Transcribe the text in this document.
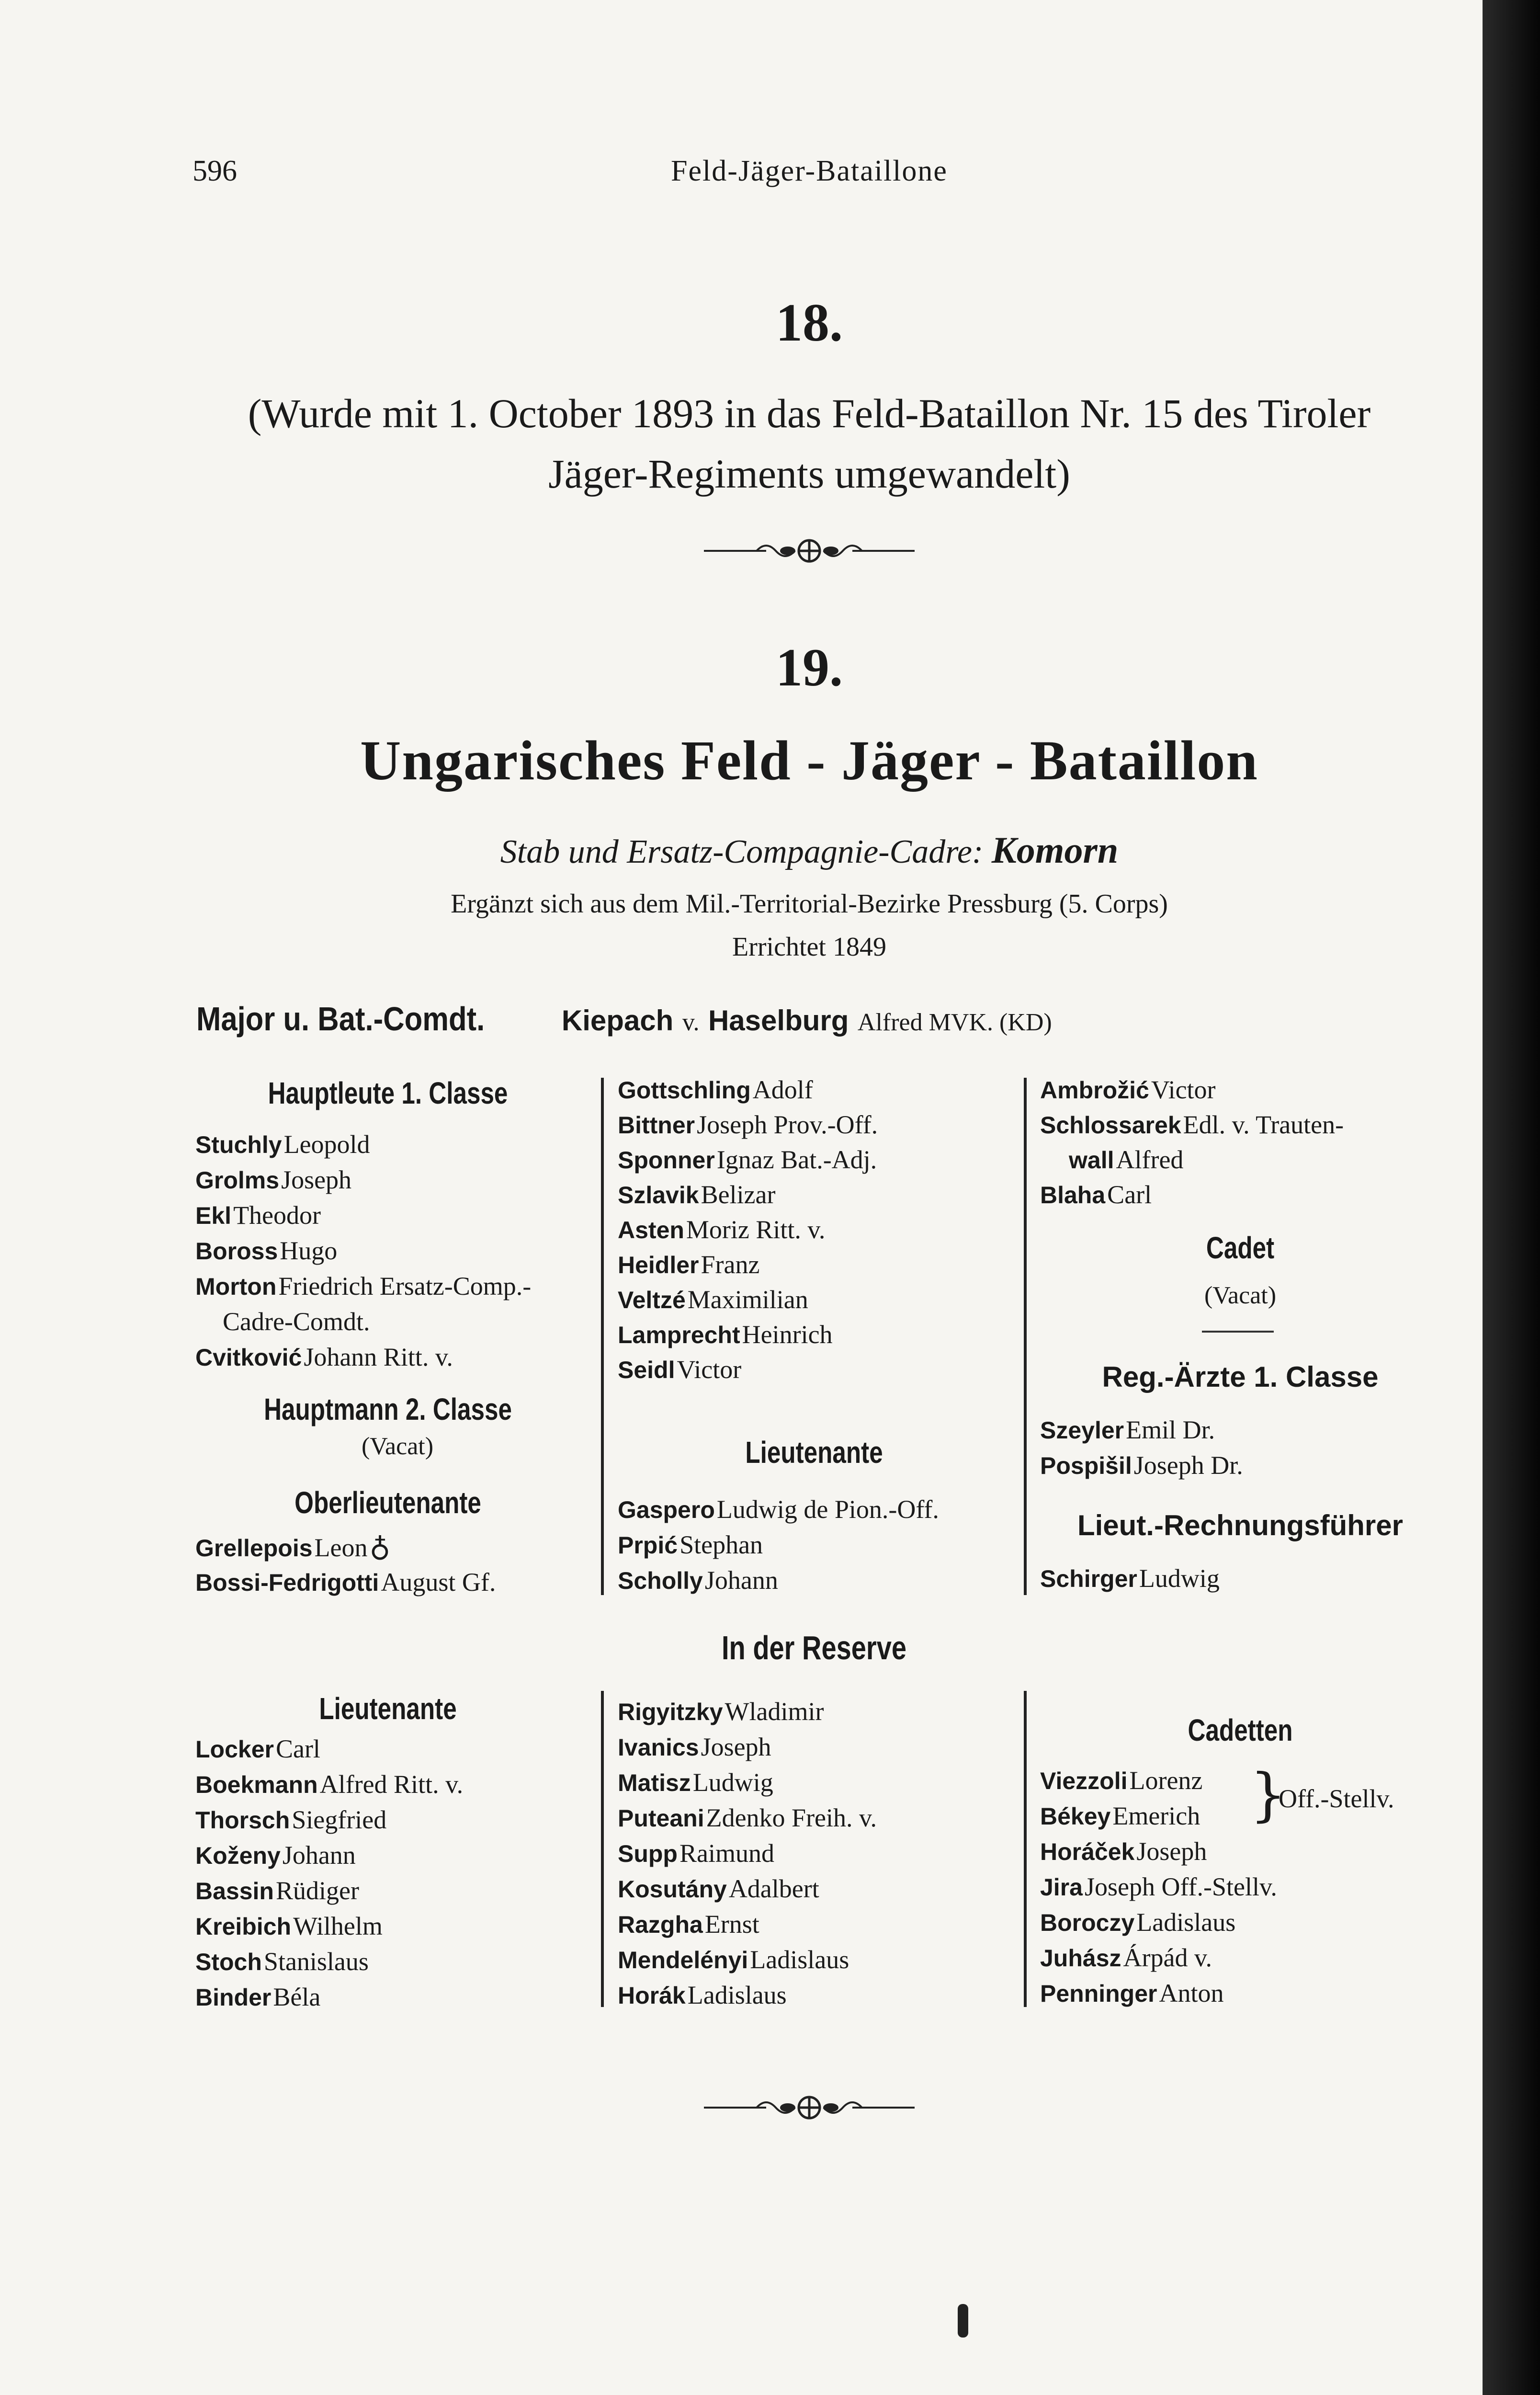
596	Feld-Jäger-Bataillone
18.
(Wurde mit 1. October 1893 in das Feld-Bataillon Nr. 15 des Tiroler
Jäger-Regiments umgewandelt)
19.
Ungarisches Feld - Jäger - Bataillon
Stab und Ersatz-Compagnie-Cadre: Komorn
Ergänzt sich aus dem Mil.-Territorial-Bezirke Pressburg (5. Corps)
Errichtet 1849
Major u. Bat.-Comdt.	Kiepach v. Haselburg Alfred MVK. (KD)
Hauptleute 1. Classe
Stuchly Leopold
Grolms Joseph
Ekl Theodor
Boross Hugo
Morton Friedrich Ersatz-Comp.-
Cadre-Comdt.
Cvitković Johann Ritt. v.
Hauptmann 2. Classe
(Vacat)
Oberlieutenante
Grellepois Leon ♁
Bossi-Fedrigotti August Gf.
Gottschling Adolf
Bittner Joseph Prov.-Off.
Sponner Ignaz Bat.-Adj.
Szlavik Belizar
Asten Moriz Ritt. v.
Heidler Franz
Veltzé Maximilian
Lamprecht Heinrich
Seidl Victor
Lieutenante
Gaspero Ludwig de Pion.-Off.
Prpić Stephan
Scholly Johann
Ambrožić Victor
Schlossarek Edl. v. Trauten-
wall Alfred
Blaha Carl
Cadet
(Vacat)
Reg.-Ärzte 1. Classe
Szeyler Emil Dr.
Pospišil Joseph Dr.
Lieut.-Rechnungsführer
Schirger Ludwig
In der Reserve
Lieutenante
Locker Carl
Boekmann Alfred Ritt. v.
Thorsch Siegfried
Koženy Johann
Bassin Rüdiger
Kreibich Wilhelm
Stoch Stanislaus
Binder Béla
Rigyitzky Wladimir
Ivanics Joseph
Matisz Ludwig
Puteani Zdenko Freih. v.
Supp Raimund
Kosutány Adalbert
Razgha Ernst
Mendelényi Ladislaus
Horák Ladislaus
Cadetten
Viezzoli Lorenz
Békey Emerich }
Off.-Stellv.
Horáček Joseph
Jira Joseph Off.-Stellv.
Boroczy Ladislaus
Juhász Árpád v.
Penninger Anton
